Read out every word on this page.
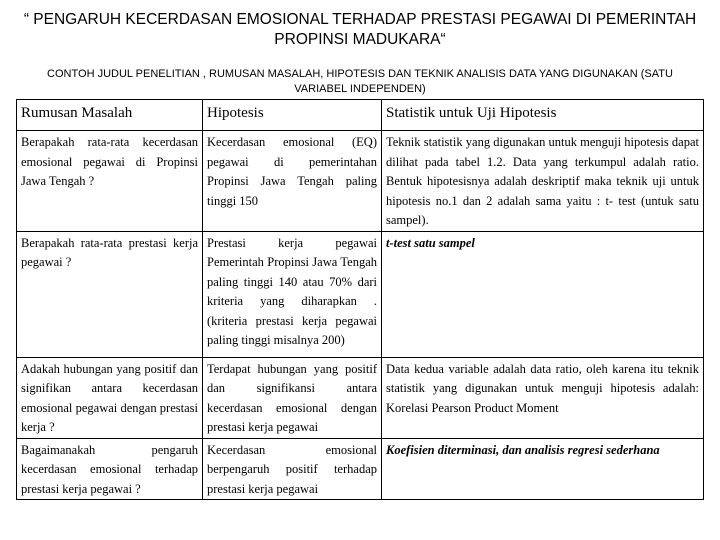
“ PENGARUH KECERDASAN EMOSIONAL TERHADAP PRESTASI PEGAWAI DI PEMERINTAH
PROPINSI MADUKARA“
CONTOH JUDUL PENELITIAN , RUMUSAN MASALAH, HIPOTESIS DAN TEKNIK ANALISIS DATA YANG DIGUNAKAN (SATU
VARIABEL INDEPENDEN)
Rumusan Masalah	Hipotesis	Statistik untuk Uji Hipotesis
Berapakah rata-rata kecerdasan emosional pegawai di Propinsi Jawa Tengah ?	Kecerdasan emosional (EQ) pegawai di pemerintahan Propinsi Jawa Tengah paling tinggi 150	Teknik statistik yang digunakan untuk menguji hipotesis dapat dilihat pada tabel 1.2. Data yang terkumpul adalah ratio. Bentuk hipotesisnya adalah deskriptif maka teknik uji untuk hipotesis no.1 dan 2 adalah sama yaitu : t- test (untuk satu sampel).
Berapakah rata-rata prestasi kerja pegawai ?	Prestasi kerja pegawai Pemerintah Propinsi Jawa Tengah paling tinggi 140 atau 70% dari kriteria yang diharapkan . (kriteria prestasi kerja pegawai paling tinggi misalnya 200)	t-test satu sampel
Adakah hubungan yang positif dan signifikan antara kecerdasan emosional pegawai dengan prestasi kerja ?	Terdapat hubungan yang positif dan signifikansi antara kecerdasan emosional dengan prestasi kerja pegawai	Data kedua variable adalah data ratio, oleh karena itu teknik statistik yang digunakan untuk menguji hipotesis adalah: Korelasi Pearson Product Moment
Bagaimanakah pengaruh kecerdasan emosional terhadap prestasi kerja pegawai ?	Kecerdasan emosional berpengaruh positif terhadap prestasi kerja pegawai	Koefisien diterminasi, dan analisis regresi sederhana
